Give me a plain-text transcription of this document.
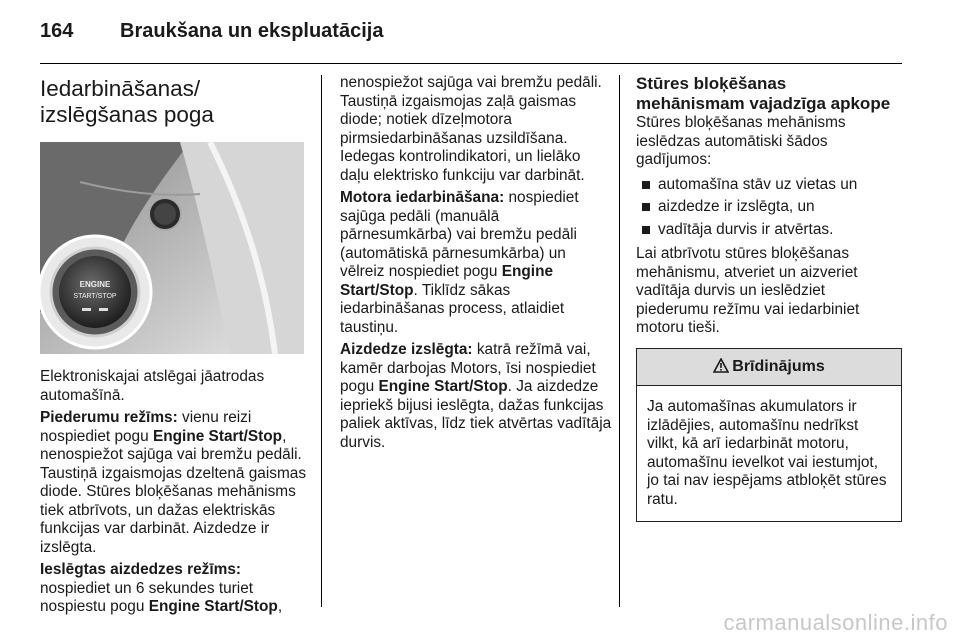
164 Braukšana un ekspluatācija
Iedarbināšanas/
izslēgšanas poga
ENGINE
START/STOP

Elektroniskajai atslēgai jāatrodas automašīnā.

Piederumu režīms: vienu reizi nospiediet pogu Engine Start/Stop, nenospiežot sajūga vai bremžu pedāli. Taustiņā izgaismojas dzeltenā gaismas diode. Stūres bloķēšanas mehānisms tiek atbrīvots, un dažas elektriskās funkcijas var darbināt. Aizdedze ir izslēgta.

Ieslēgtas aizdedzes režīms: nospiediet un 6 sekundes turiet nospiestu pogu Engine Start/Stop,

nenospiežot sajūga vai bremžu pedāli. Taustiņā izgaismojas zaļā gaismas diode; notiek dīzeļmotora pirmsiedarbināšanas uzsildīšana. Iedegas kontrolindikatori, un lielāko daļu elektrisko funkciju var darbināt.

Motora iedarbināšana: nospiediet sajūga pedāli (manuālā pārnesumkārba) vai bremžu pedāli (automātiskā pārnesumkārba) un vēlreiz nospiediet pogu Engine Start/Stop. Tiklīdz sākas iedarbināšanas process, atlaidiet taustiņu.

Aizdedze izslēgta: katrā režīmā vai, kamēr darbojas Motors, īsi nospiediet pogu Engine Start/Stop. Ja aizdedze iepriekš bijusi ieslēgta, dažas funkcijas paliek aktīvas, līdz tiek atvērtas vadītāja durvis.

Stūres bloķēšanas
mehānismam vajadzīga apkope

Stūres bloķēšanas mehānisms ieslēdzas automātiski šādos gadījumos:

automašīna stāv uz vietas un
aizdedze ir izslēgta, un
vadītāja durvis ir atvērtas.

Lai atbrīvotu stūres bloķēšanas mehānismu, atveriet un aizveriet vadītāja durvis un ieslēdziet piederumu režīmu vai iedarbiniet motoru tieši.

Brīdinājums
Ja automašīnas akumulators ir izlādējies, automašīnu nedrīkst vilkt, kā arī iedarbināt motoru, automašīnu ievelkot vai iestumjot, jo tai nav iespējams atbloķēt stūres ratu.
carmanualsonline.info
